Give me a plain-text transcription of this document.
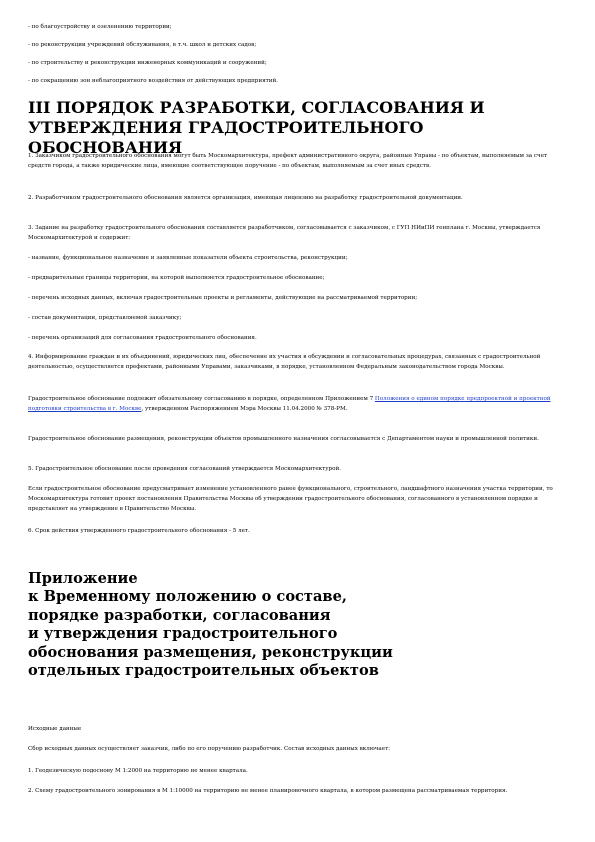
- по благоустройству и озеленению территории;

- по реконструкции учреждений обслуживания, в т.ч. школ и детских садов;

- по строительству и реконструкции инженерных коммуникаций и сооружений;

- по сокращению зон неблагоприятного воздействия от действующих предприятий.

III ПОРЯДОК РАЗРАБОТКИ, СОГЛАСОВАНИЯ И
УТВЕРЖДЕНИЯ ГРАДОСТРОИТЕЛЬНОГО ОБОСНОВАНИЯ

1. Заказчиком градостроительного обоснования могут быть Москомархитектура, префект административного округа, районные Управы - по объектам, выполняемым за счет средств города, а также юридические лица, имеющие соответствующее поручение - по объектам, выполняемым за счет иных средств.

2. Разработчиком градостроительного обоснования является организация, имеющая лицензию на разработку градостроительной документации.

3. Задание на разработку градостроительного обоснования составляется разработчиком, согласовывается с заказчиком, с ГУП НИиПИ генплана г. Москвы, утверждается Москомархитектурой и содержит:

- название, функциональное назначение и заявленные показатели объекта строительства, реконструкции;

- предварительные границы территории, на которой выполняется градостроительное обоснование;

- перечень исходных данных, включая градостроительные проекты и регламенты, действующие на рассматриваемой территории;

- состав документации, представляемой заказчику;

- перечень организаций для согласования градостроительного обоснования.

4. Информирование граждан и их объединений, юридических лиц, обеспечение их участия в обсуждении и согласовательных процедурах, связанных с градостроительной деятельностью, осуществляется префектами, районными Управами, заказчиками, в порядке, установленном Федеральным законодательством города Москвы.

Градостроительное обоснование подлежит обязательному согласованию в порядке, определенном Приложением 7 Положения о едином порядке предпроектной и проектной подготовки строительства в г. Москве, утвержденном Распоряжением Мэра Москвы 11.04.2000 № 378-РМ.

Градостроительное обоснование размещения, реконструкции объектов промышленного назначения согласовывается с Департаментом науки и промышленной политики.

5. Градостроительное обоснование после проведения согласований утверждается Москомархитектурой.

Если градостроительное обоснование предусматривает изменение установленного ранее функционального, строительного, ландшафтного назначения участка территории, то Москомархитектура готовит проект постановления Правительства Москвы об утверждении градостроительного обоснования, согласованного в установленном порядке и представляет на утверждение в Правительство Москвы.

6. Срок действия утвержденного градостроительного обоснования - 5 лет.

Приложение
к Временному положению о составе,
порядке разработки, согласования
и утверждения градостроительного
обоснования размещения, реконструкции
отдельных градостроительных объектов

Исходные данные

Сбор исходных данных осуществляет заказчик, либо по его поручению разработчик. Состав исходных данных включает:

1. Геодезическую подоснову М 1:2000 на территорию не менее квартала.

2. Схему градостроительного зонирования в М 1:10000 на территорию не менее планировочного квартала, в котором размещена рассматриваемая территория.
